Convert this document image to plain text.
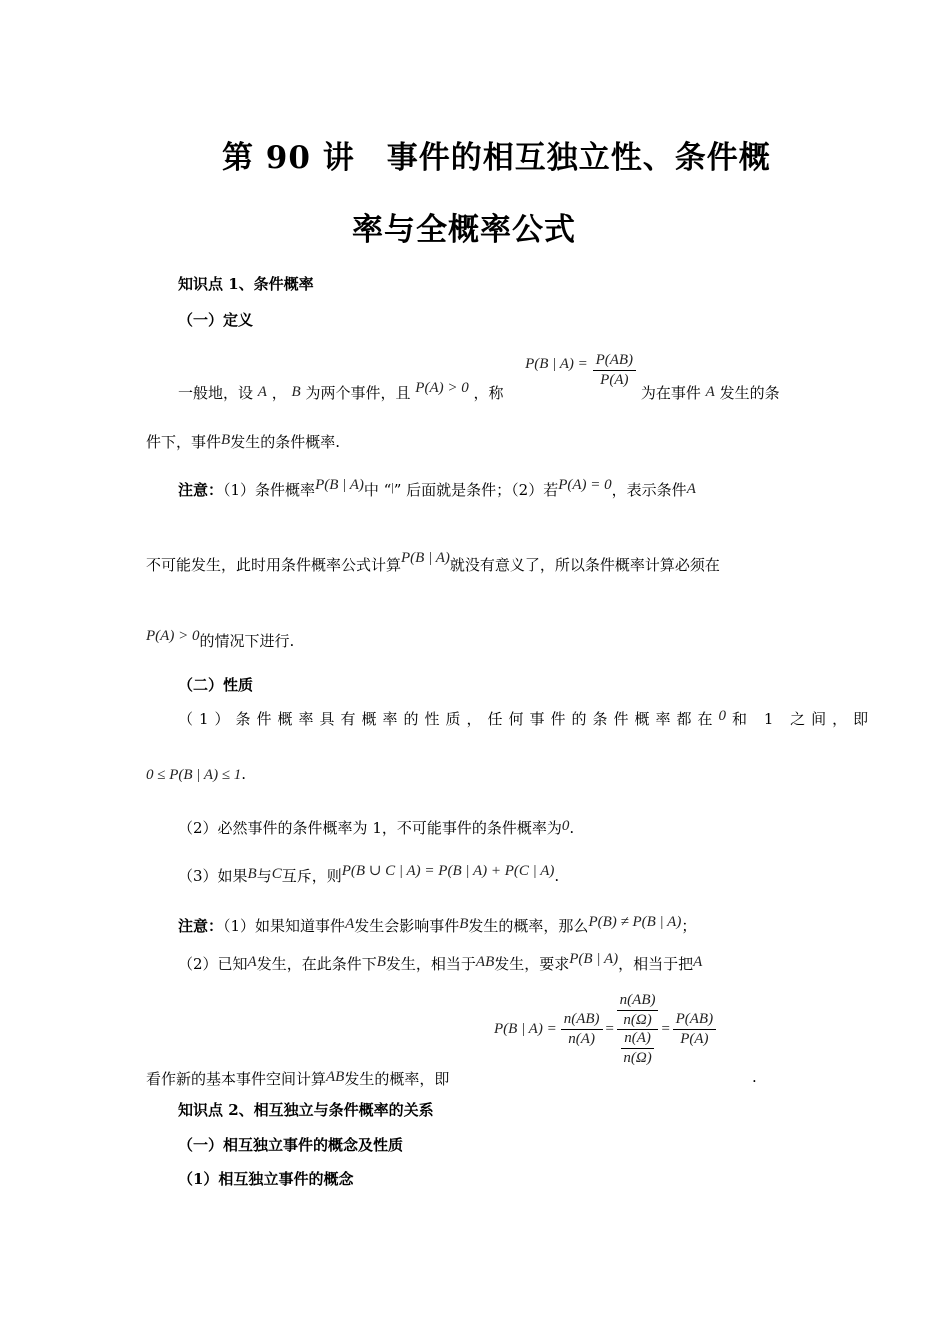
第 90 讲　事件的相互独立性、条件概
率与全概率公式
知识点 1、条件概率
（一）定义
一般地，设 A ， B 为两个事件，且 P(A) > 0 ，称  P(B | $A) = \frac{P(AB)}{P(A)}$
为在事件 A 发生的条
件下，事件B发生的条件概率.
注意：（1）条件概率P(B | A)中 “|” 后面就是条件；（2）若P(A) = 0，表示条件A
不可能发生，此时用条件概率公式计算P(B | A)就没有意义了，所以条件概率计算必须在
P(A) > 0的情况下进行.
（二）性质
（1）条件概率具有概率的性质，任何事件的条件概率都在0 和 1 之间，即
0 ≤ P(B | A) ≤ 1.
（2）必然事件的条件概率为 1，不可能事件的条件概率为0.
（3）如果B与C互斥，则P(B ∪ C | A) = P(B | A) + P(C | A).
注意：（1）如果知道事件A发生会影响事件B发生的概率，那么P(B) ≠ P(B | A)；
（2）已知A发生，在此条件下B发生，相当于AB发生，要求P(B | A)，相当于把A
P(B | $A) = \frac{n(AB)}{n(A)} = \frac{\frac{n(AB)}{n(\Omega)}}{\frac{n(A)}{n(\Omega)}} = \frac{P(AB)}{P(A)}$
看作新的基本事件空间计算AB发生的概率，即	.
知识点 2、相互独立与条件概率的关系
（一）相互独立事件的概念及性质
（1）相互独立事件的概念
